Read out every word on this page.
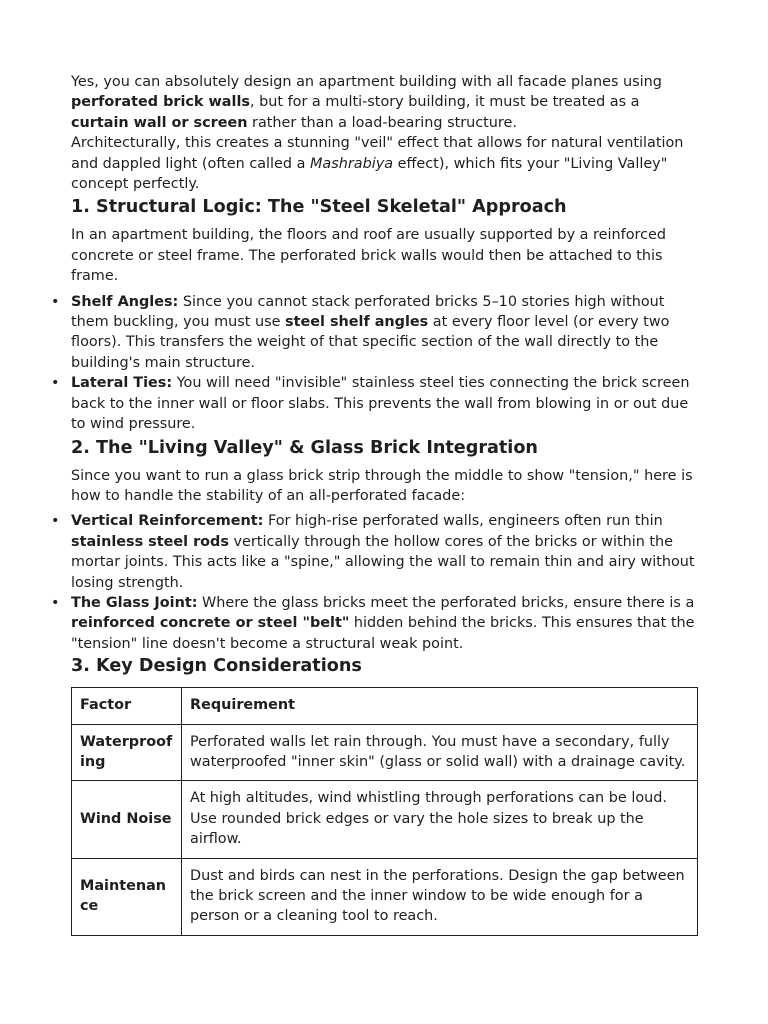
Yes, you can absolutely design an apartment building with all facade planes using perforated brick walls, but for a multi-story building, it must be treated as a curtain wall or screen rather than a load-bearing structure.

Architecturally, this creates a stunning "veil" effect that allows for natural ventilation and dappled light (often called a Mashrabiya effect), which fits your "Living Valley" concept perfectly.

1. Structural Logic: The "Steel Skeletal" Approach

In an apartment building, the floors and roof are usually supported by a reinforced concrete or steel frame. The perforated brick walls would then be attached to this frame.

• Shelf Angles: Since you cannot stack perforated bricks 5–10 stories high without them buckling, you must use steel shelf angles at every floor level (or every two floors). This transfers the weight of that specific section of the wall directly to the building's main structure.
• Lateral Ties: You will need "invisible" stainless steel ties connecting the brick screen back to the inner wall or floor slabs. This prevents the wall from blowing in or out due to wind pressure.
2. The "Living Valley" & Glass Brick Integration

Since you want to run a glass brick strip through the middle to show "tension," here is how to handle the stability of an all-perforated facade:

• Vertical Reinforcement: For high-rise perforated walls, engineers often run thin stainless steel rods vertically through the hollow cores of the bricks or within the mortar joints. This acts like a "spine," allowing the wall to remain thin and airy without losing strength.
• The Glass Joint: Where the glass bricks meet the perforated bricks, ensure there is a reinforced concrete or steel "belt" hidden behind the bricks. This ensures that the "tension" line doesn't become a structural weak point.
3. Key Design Considerations
Factor	Requirement
Waterproofing	Perforated walls let rain through. You must have a secondary, fully waterproofed "inner skin" (glass or solid wall) with a drainage cavity.
Wind Noise	At high altitudes, wind whistling through perforations can be loud. Use rounded brick edges or vary the hole sizes to break up the airflow.
Maintenance	Dust and birds can nest in the perforations. Design the gap between the brick screen and the inner window to be wide enough for a person or a cleaning tool to reach.
